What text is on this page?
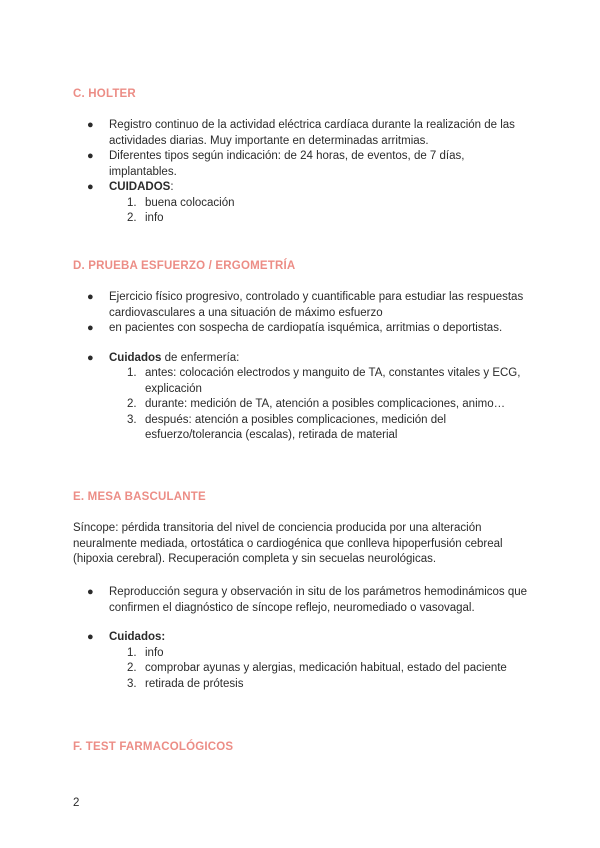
C. HOLTER
● Registro continuo de la actividad eléctrica cardíaca durante la realización de las actividades diarias. Muy importante en determinadas arritmias.
● Diferentes tipos según indicación: de 24 horas, de eventos, de 7 días, implantables.
● CUIDADOS:
1. buena colocación
2. info
D. PRUEBA ESFUERZO / ERGOMETRÍA
● Ejercicio físico progresivo, controlado y cuantificable para estudiar las respuestas cardiovasculares a una situación de máximo esfuerzo
● en pacientes con sospecha de cardiopatía isquémica, arritmias o deportistas.
● Cuidados de enfermería:
1. antes: colocación electrodos y manguito de TA, constantes vitales y ECG, explicación
2. durante: medición de TA, atención a posibles complicaciones, animo…
3. después: atención a posibles complicaciones, medición del esfuerzo/tolerancia (escalas), retirada de material
E. MESA BASCULANTE

Síncope: pérdida transitoria del nivel de conciencia producida por una alteración neuralmente mediada, ortostática o cardiogénica que conlleva hipoperfusión cebreal (hipoxia cerebral). Recuperación completa y sin secuelas neurológicas.

● Reproducción segura y observación in situ de los parámetros hemodinámicos que confirmen el diagnóstico de síncope reflejo, neuromediado o vasovagal.
● Cuidados:
1. info
2. comprobar ayunas y alergias, medicación habitual, estado del paciente
3. retirada de prótesis
F. TEST FARMACOLÓGICOS
2
